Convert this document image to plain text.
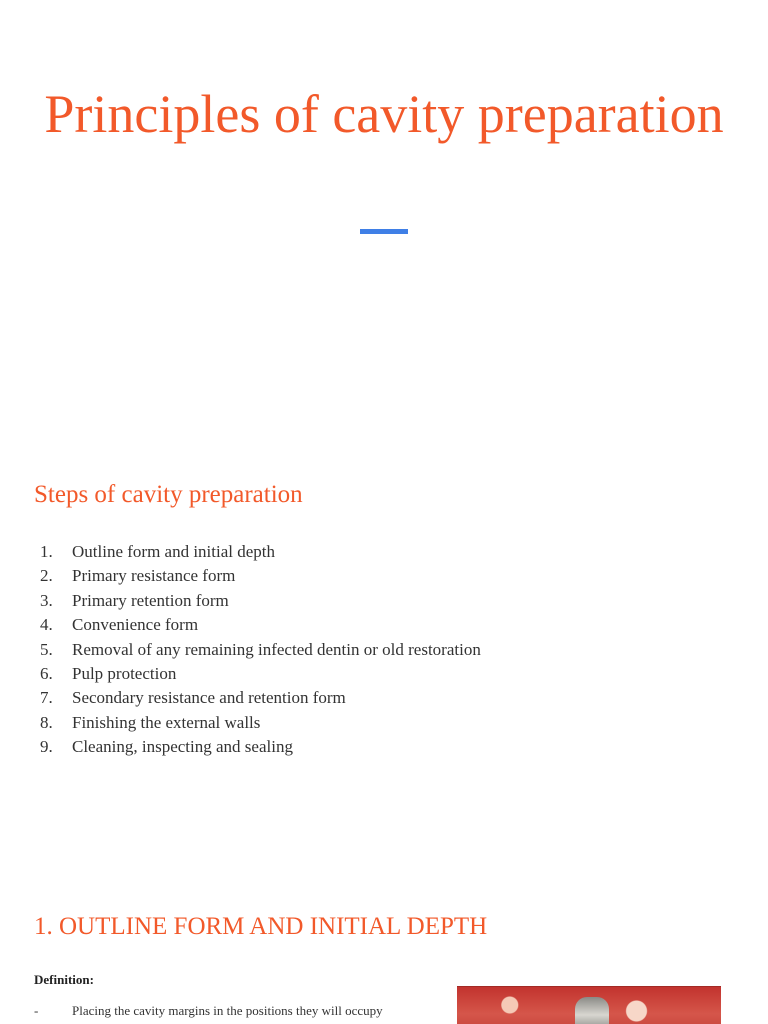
Principles of cavity preparation
Steps of cavity preparation
1.	Outline form and initial depth
2.	Primary resistance form
3.	Primary retention form
4.	Convenience form
5.	Removal of any remaining infected dentin or old restoration
6.	Pulp protection
7.	Secondary resistance and retention form
8.	Finishing the external walls
9.	Cleaning, inspecting and sealing
1. OUTLINE FORM AND INITIAL DEPTH
Definition:
-	Placing the cavity margins in the positions they will occupy
